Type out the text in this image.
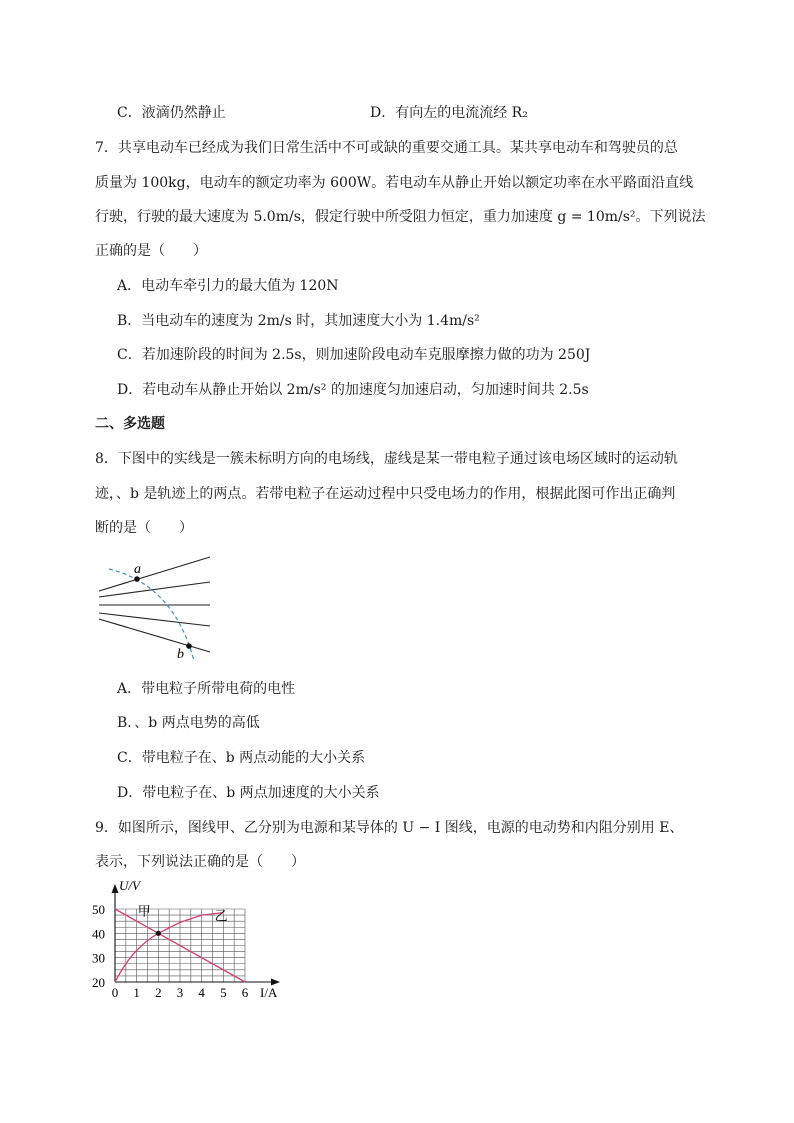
C．液滴仍然静止	D．有向左的电流流经 R₂
7．共享电动车已经成为我们日常生活中不可或缺的重要交通工具。某共享电动车和驾驶员的总
质量为 100kg，电动车的额定功率为 600W。若电动车从静止开始以额定功率在水平路面沿直线
行驶，行驶的最大速度为 5.0m/s，假定行驶中所受阻力恒定，重力加速度 g = 10m/s²。下列说法
正确的是（　　）
A．电动车牵引力的最大值为 120N
B．当电动车的速度为 2m/s 时，其加速度大小为 1.4m/s²
C．若加速阶段的时间为 2.5s，则加速阶段电动车克服摩擦力做的功为 250J
D．若电动车从静止开始以 2m/s² 的加速度匀加速启动，匀加速时间共 2.5s
二、多选题
8．下图中的实线是一簇未标明方向的电场线，虚线是某一带电粒子通过该电场区域时的运动轨
迹，、b 是轨迹上的两点。若带电粒子在运动过程中只受电场力的作用，根据此图可作出正确判
断的是（　　）
a
b
A．带电粒子所带电荷的电性
B．、b 两点电势的高低
C．带电粒子在、b 两点动能的大小关系
D．带电粒子在、b 两点加速度的大小关系
9．如图所示，图线甲、乙分别为电源和某导体的 U − I 图线，电源的电动势和内阻分别用 E、
表示，下列说法正确的是（　　）
0 1 2 3 4 5 6
20
30
40
50
U/V
I/A
甲	乙
